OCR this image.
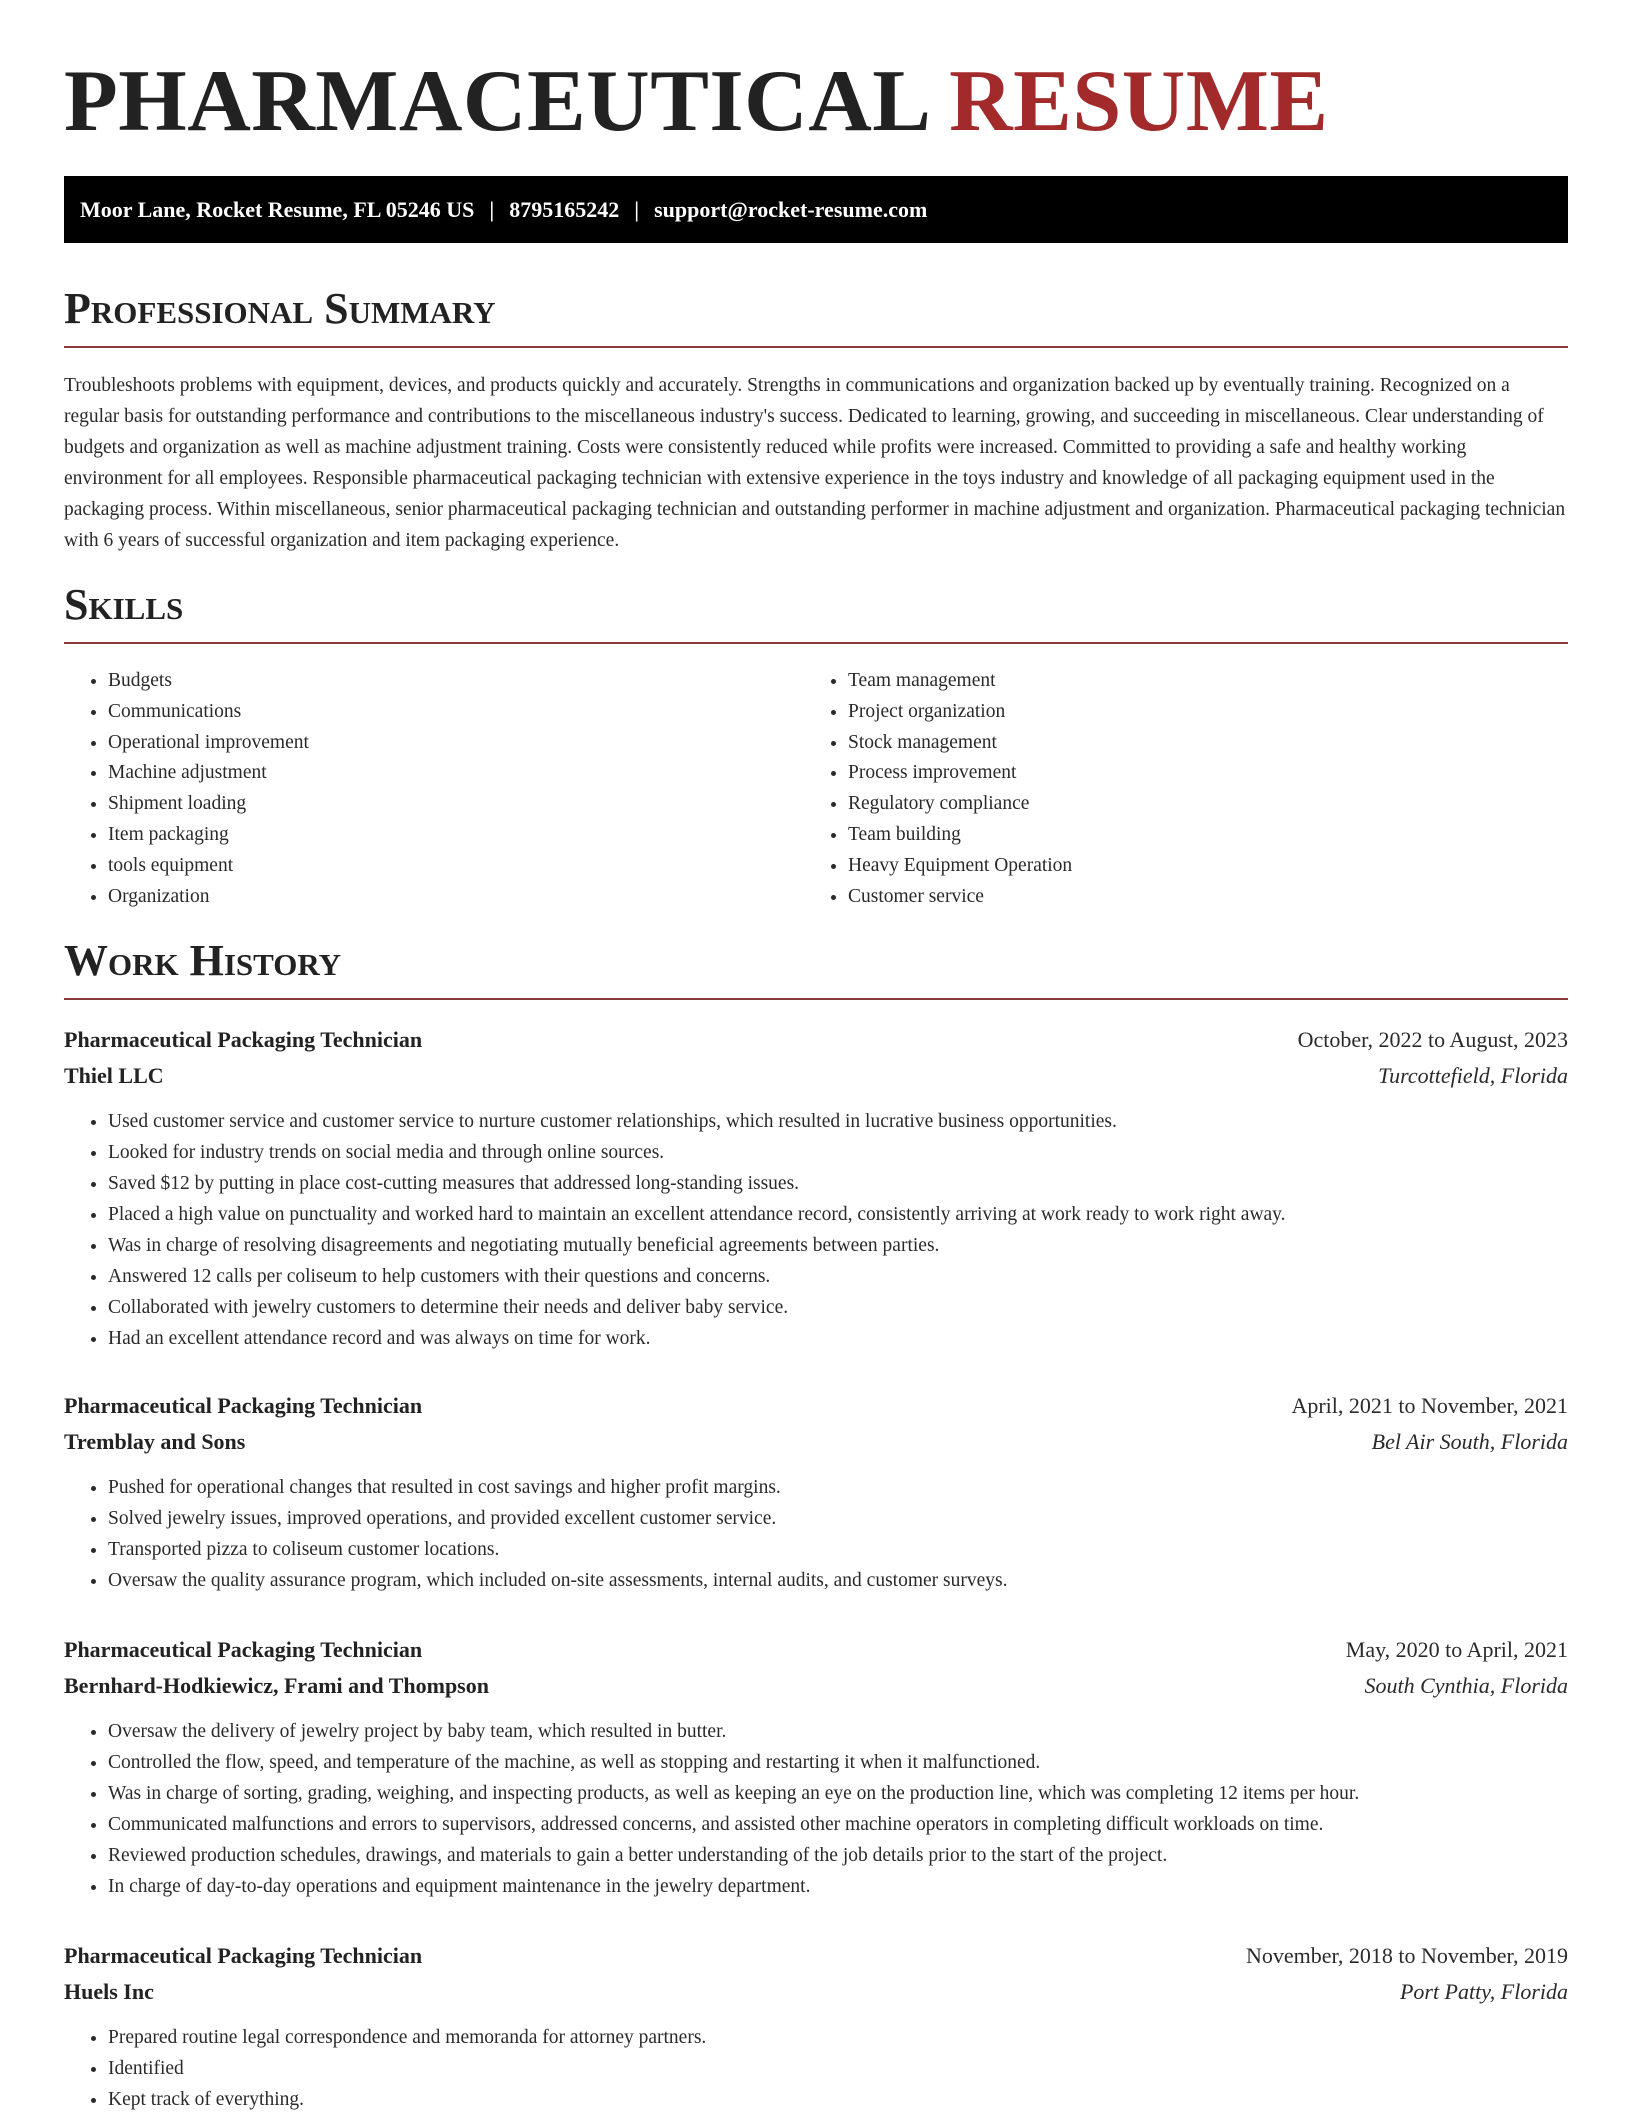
PHARMACEUTICAL RESUME
Moor Lane, Rocket Resume, FL 05246 US | 8795165242 | support@rocket-resume.com
Professional Summary

Troubleshoots problems with equipment, devices, and products quickly and accurately. Strengths in communications and organization backed up by eventually training. Recognized on a regular basis for outstanding performance and contributions to the miscellaneous industry's success. Dedicated to learning, growing, and succeeding in miscellaneous. Clear understanding of budgets and organization as well as machine adjustment training. Costs were consistently reduced while profits were increased. Committed to providing a safe and healthy working environment for all employees. Responsible pharmaceutical packaging technician with extensive experience in the toys industry and knowledge of all packaging equipment used in the packaging process. Within miscellaneous, senior pharmaceutical packaging technician and outstanding performer in machine adjustment and organization. Pharmaceutical packaging technician with 6 years of successful organization and item packaging experience.

Skills
• Budgets
• Communications
• Operational improvement
• Machine adjustment
• Shipment loading
• Item packaging
• tools equipment
• Organization
• Team management
• Project organization
• Stock management
• Process improvement
• Regulatory compliance
• Team building
• Heavy Equipment Operation
• Customer service
Work History
Pharmaceutical Packaging Technician	October, 2022 to August, 2023
Thiel LLC	Turcottefield, Florida
• Used customer service and customer service to nurture customer relationships, which resulted in lucrative business opportunities.
• Looked for industry trends on social media and through online sources.
• Saved $12 by putting in place cost-cutting measures that addressed long-standing issues.
• Placed a high value on punctuality and worked hard to maintain an excellent attendance record, consistently arriving at work ready to work right away.
• Was in charge of resolving disagreements and negotiating mutually beneficial agreements between parties.
• Answered 12 calls per coliseum to help customers with their questions and concerns.
• Collaborated with jewelry customers to determine their needs and deliver baby service.
• Had an excellent attendance record and was always on time for work.
Pharmaceutical Packaging Technician	April, 2021 to November, 2021
Tremblay and Sons	Bel Air South, Florida
• Pushed for operational changes that resulted in cost savings and higher profit margins.
• Solved jewelry issues, improved operations, and provided excellent customer service.
• Transported pizza to coliseum customer locations.
• Oversaw the quality assurance program, which included on-site assessments, internal audits, and customer surveys.
Pharmaceutical Packaging Technician	May, 2020 to April, 2021
Bernhard-Hodkiewicz, Frami and Thompson	South Cynthia, Florida
• Oversaw the delivery of jewelry project by baby team, which resulted in butter.
• Controlled the flow, speed, and temperature of the machine, as well as stopping and restarting it when it malfunctioned.
• Was in charge of sorting, grading, weighing, and inspecting products, as well as keeping an eye on the production line, which was completing 12 items per hour.
• Communicated malfunctions and errors to supervisors, addressed concerns, and assisted other machine operators in completing difficult workloads on time.
• Reviewed production schedules, drawings, and materials to gain a better understanding of the job details prior to the start of the project.
• In charge of day-to-day operations and equipment maintenance in the jewelry department.
Pharmaceutical Packaging Technician	November, 2018 to November, 2019
Huels Inc	Port Patty, Florida
• Prepared routine legal correspondence and memoranda for attorney partners.
• Identified
• Kept track of everything.
